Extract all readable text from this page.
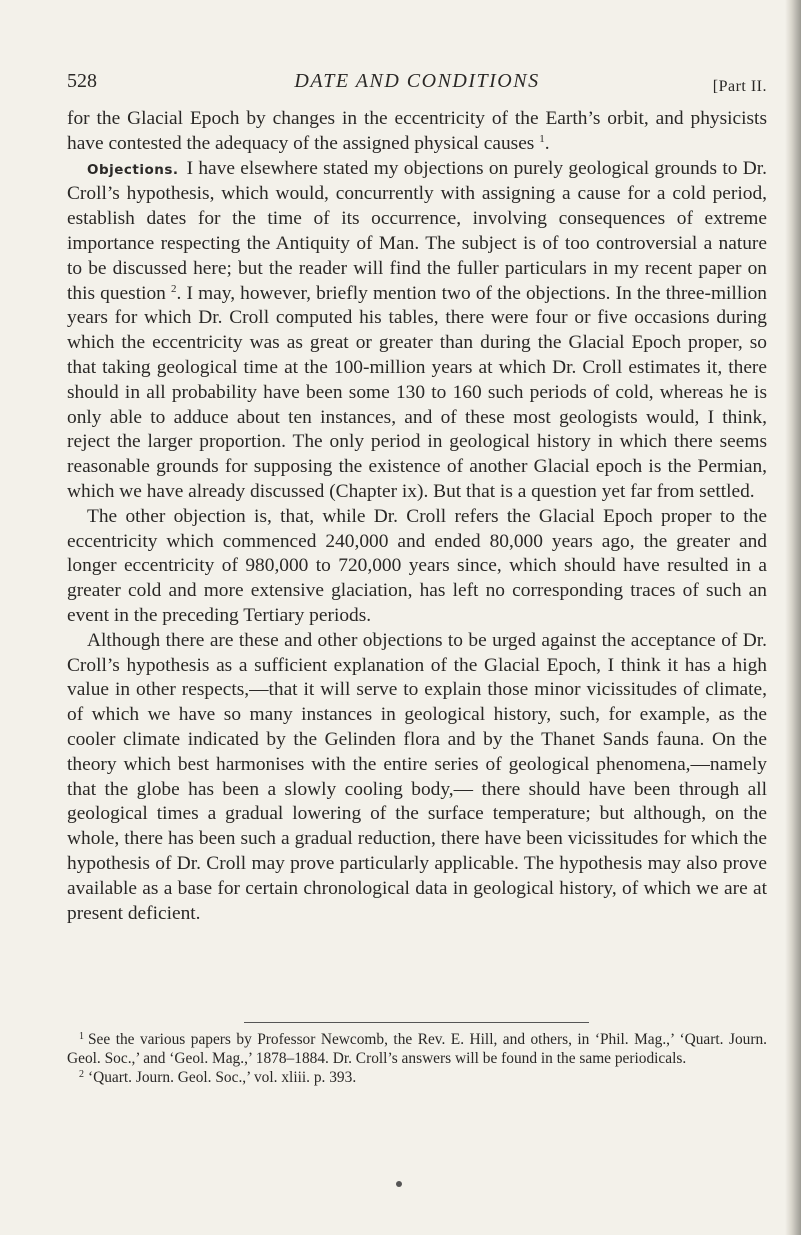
528	DATE AND CONDITIONS	[Part II.

for the Glacial Epoch by changes in the eccentricity of the Earth’s orbit, and physicists have contested the adequacy of the assigned physical causes $^1$.

Objections. I have elsewhere stated my objections on purely geological grounds to Dr. Croll’s hypothesis, which would, concurrently with assigning a cause for a cold period, establish dates for the time of its occurrence, involving consequences of extreme importance respecting the Antiquity of Man. The subject is of too controversial a nature to be discussed here; but the reader will find the fuller particulars in my recent paper on this question $^2$. I may, however, briefly mention two of the objections. In the three-million years for which Dr. Croll computed his tables, there were four or five occasions during which the eccentricity was as great or greater than during the Glacial Epoch proper, so that taking geological time at the 100-million years at which Dr. Croll estimates it, there should in all probability have been some 130 to 160 such periods of cold, whereas he is only able to adduce about ten instances, and of these most geologists would, I think, reject the larger proportion. The only period in geological history in which there seems reasonable grounds for supposing the existence of another Glacial epoch is the Permian, which we have already discussed (Chapter ix). But that is a question yet far from settled.

The other objection is, that, while Dr. Croll refers the Glacial Epoch proper to the eccentricity which commenced 240,000 and ended 80,000 years ago, the greater and longer eccentricity of 980,000 to 720,000 years since, which should have resulted in a greater cold and more extensive glaciation, has left no corresponding traces of such an event in the preceding Tertiary periods.

Although there are these and other objections to be urged against the acceptance of Dr. Croll’s hypothesis as a sufficient explanation of the Glacial Epoch, I think it has a high value in other respects,—that it will serve to explain those minor vicissitudes of climate, of which we have so many instances in geological history, such, for example, as the cooler climate indicated by the Gelinden flora and by the Thanet Sands fauna. On the theory which best harmonises with the entire series of geological phenomena,—namely that the globe has been a slowly cooling body,— there should have been through all geological times a gradual lowering of the surface temperature; but although, on the whole, there has been such a gradual reduction, there have been vicissitudes for which the hypothesis of Dr. Croll may prove particularly applicable. The hypothesis may also prove available as a base for certain chronological data in geological history, of which we are at present deficient.

$^1$ See the various papers by Professor Newcomb, the Rev. E. Hill, and others, in ‘Phil. Mag.,’ ‘Quart. Journ. Geol. Soc.,’ and ‘Geol. Mag.,’ 1878–1884. Dr. Croll’s answers will be found in the same periodicals.

$^2$ ‘Quart. Journ. Geol. Soc.,’ vol. xliii. p. 393.
